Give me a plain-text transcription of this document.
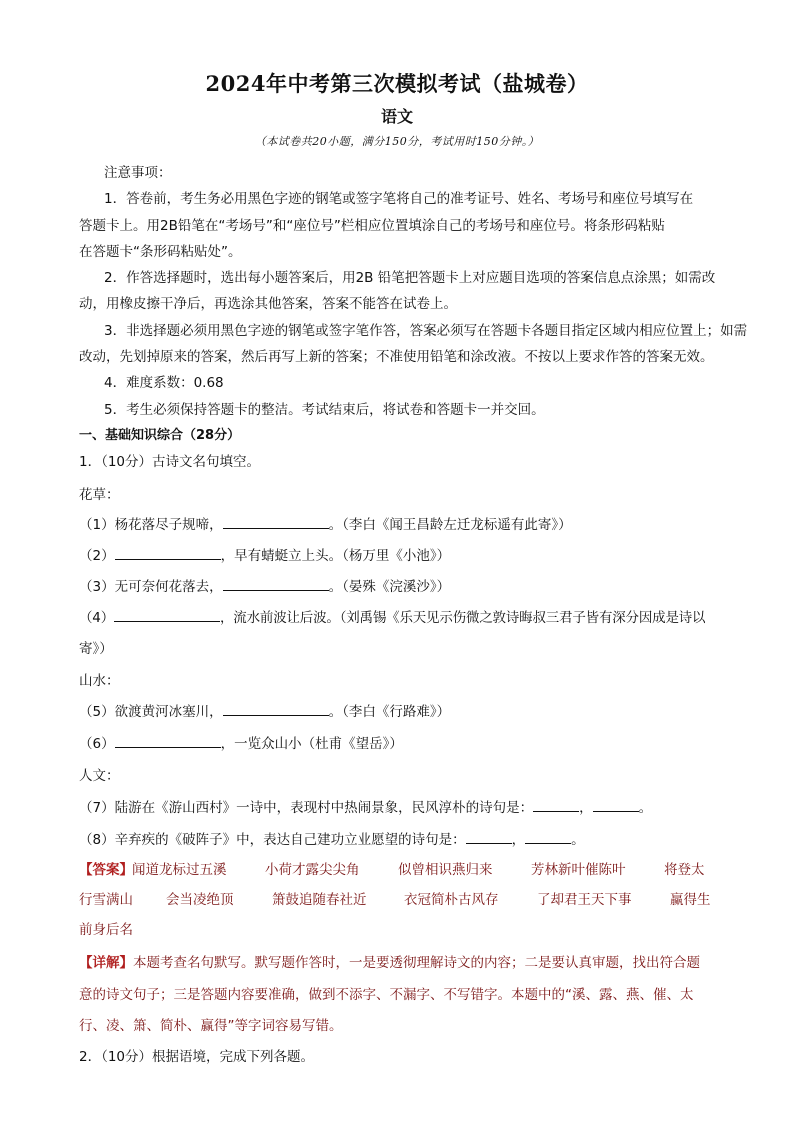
2024年中考第三次模拟考试（盐城卷）
语文
（本试卷共20小题，满分150分，考试用时150分钟。）
注意事项：
1．答卷前，考生务必用黑色字迹的钢笔或签字笔将自己的准考证号、姓名、考场号和座位号填写在
答题卡上。用2B铅笔在“考场号”和“座位号”栏相应位置填涂自己的考场号和座位号。将条形码粘贴
在答题卡“条形码粘贴处”。
2．作答选择题时，选出每小题答案后，用2B 铅笔把答题卡上对应题目选项的答案信息点涂黑；如需改
动，用橡皮擦干净后，再选涂其他答案，答案不能答在试卷上。
3．非选择题必须用黑色字迹的钢笔或签字笔作答，答案必须写在答题卡各题目指定区域内相应位置上；如需
改动，先划掉原来的答案，然后再写上新的答案；不准使用铅笔和涂改液。不按以上要求作答的答案无效。
4．难度系数：0.68
5．考生必须保持答题卡的整洁。考试结束后，将试卷和答题卡一并交回。
一、基础知识综合（28分）
1．（10分）古诗文名句填空。
花草：
（1）杨花落尽子规啼，	。（李白《闻王昌龄左迁龙标遥有此寄》）
（2）	，早有蜻蜓立上头。（杨万里《小池》）
（3）无可奈何花落去，	。（晏殊《浣溪沙》）
（4）	，流水前波让后波。（刘禹锡《乐天见示伤微之敦诗晦叔三君子皆有深分因成是诗以
寄》）
山水：
（5）欲渡黄河冰塞川，	。（李白《行路难》）
（6）	，一览众山小（杜甫《望岳》）
人文：
（7）陆游在《游山西村》一诗中，表现村中热闹景象，民风淳朴的诗句是：	，	。
（8）辛弃疾的《破阵子》中，表达自己建功立业愿望的诗句是：	，	。
【答案】 闻道龙标过五溪	小荷才露尖尖角	似曾相识燕归来	芳林新叶催陈叶	将登太
行雪满山 会当凌绝顶	箫鼓追随春社近	衣冠简朴古风存	了却君王天下事	赢得生
前身后名
【详解】本题考查名句默写。默写题作答时，一是要透彻理解诗文的内容；二是要认真审题，找出符合题
意的诗文句子；三是答题内容要准确，做到不添字、不漏字、不写错字。本题中的“溪、露、燕、催、太
行、凌、箫、简朴、赢得”等字词容易写错。
2．（10分）根据语境，完成下列各题。
